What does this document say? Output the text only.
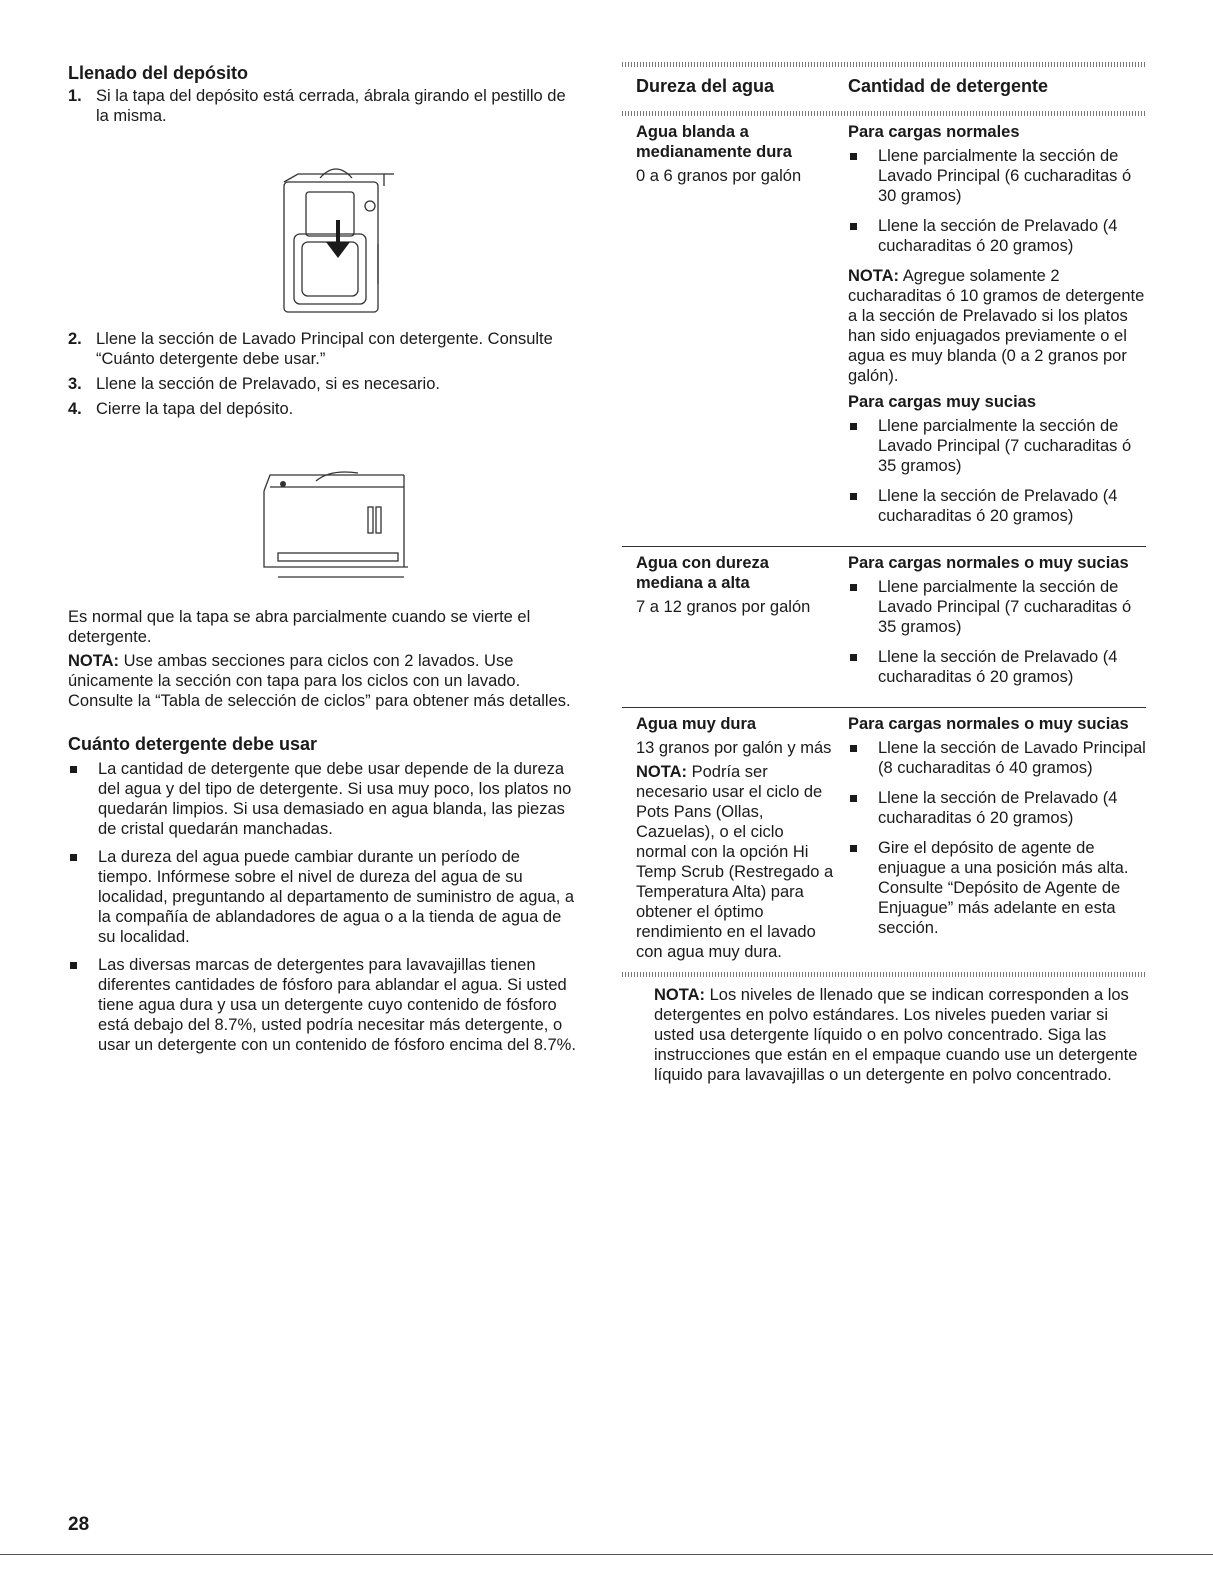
Llenado del depósito
1. Si la tapa del depósito está cerrada, ábrala girando el pestillo de la misma.
2. Llene la sección de Lavado Principal con detergente. Consulte “Cuánto detergente debe usar.”
3. Llene la sección de Prelavado, si es necesario.
4. Cierre la tapa del depósito.

Es normal que la tapa se abra parcialmente cuando se vierte el detergente.

NOTA: Use ambas secciones para ciclos con 2 lavados. Use únicamente la sección con tapa para los ciclos con un lavado. Consulte la “Tabla de selección de ciclos” para obtener más detalles.

Cuánto detergente debe usar
La cantidad de detergente que debe usar depende de la dureza del agua y del tipo de detergente. Si usa muy poco, los platos no quedarán limpios. Si usa demasiado en agua blanda, las piezas de cristal quedarán manchadas.
La dureza del agua puede cambiar durante un período de tiempo. Infórmese sobre el nivel de dureza del agua de su localidad, preguntando al departamento de suministro de agua, a la compañía de ablandadores de agua o a la tienda de agua de su localidad.
Las diversas marcas de detergentes para lavavajillas tienen diferentes cantidades de fósforo para ablandar el agua. Si usted tiene agua dura y usa un detergente cuyo contenido de fósforo está debajo del 8.7%, usted podría necesitar más detergente, o usar un detergente con un contenido de fósforo encima del 8.7%.
Dureza del agua	Cantidad de detergente
Agua blanda a medianamente dura
0 a 6 granos por galón
Para cargas normales
Llene parcialmente la sección de Lavado Principal (6 cucharaditas ó 30 gramos)
Llene la sección de Prelavado (4 cucharaditas ó 20 gramos)

NOTA: Agregue solamente 2 cucharaditas ó 10 gramos de detergente a la sección de Prelavado si los platos han sido enjuagados previamente o el agua es muy blanda (0 a 2 granos por galón).

Para cargas muy sucias
Llene parcialmente la sección de Lavado Principal (7 cucharaditas ó 35 gramos)
Llene la sección de Prelavado (4 cucharaditas ó 20 gramos)
Agua con dureza mediana a alta
7 a 12 granos por galón
Para cargas normales o muy sucias
Llene parcialmente la sección de Lavado Principal (7 cucharaditas ó 35 gramos)
Llene la sección de Prelavado (4 cucharaditas ó 20 gramos)
Agua muy dura
13 granos por galón y más
NOTA: Podría ser necesario usar el ciclo de Pots Pans (Ollas, Cazuelas), o el ciclo normal con la opción Hi Temp Scrub (Restregado a Temperatura Alta) para obtener el óptimo rendimiento en el lavado con agua muy dura.
Para cargas normales o muy sucias
Llene la sección de Lavado Principal (8 cucharaditas ó 40 gramos)
Llene la sección de Prelavado (4 cucharaditas ó 20 gramos)
Gire el depósito de agente de enjuague a una posición más alta. Consulte “Depósito de Agente de Enjuague” más adelante en esta sección.

NOTA: Los niveles de llenado que se indican corresponden a los detergentes en polvo estándares. Los niveles pueden variar si usted usa detergente líquido o en polvo concentrado. Siga las instrucciones que están en el empaque cuando use un detergente líquido para lavavajillas o un detergente en polvo concentrado.

28
